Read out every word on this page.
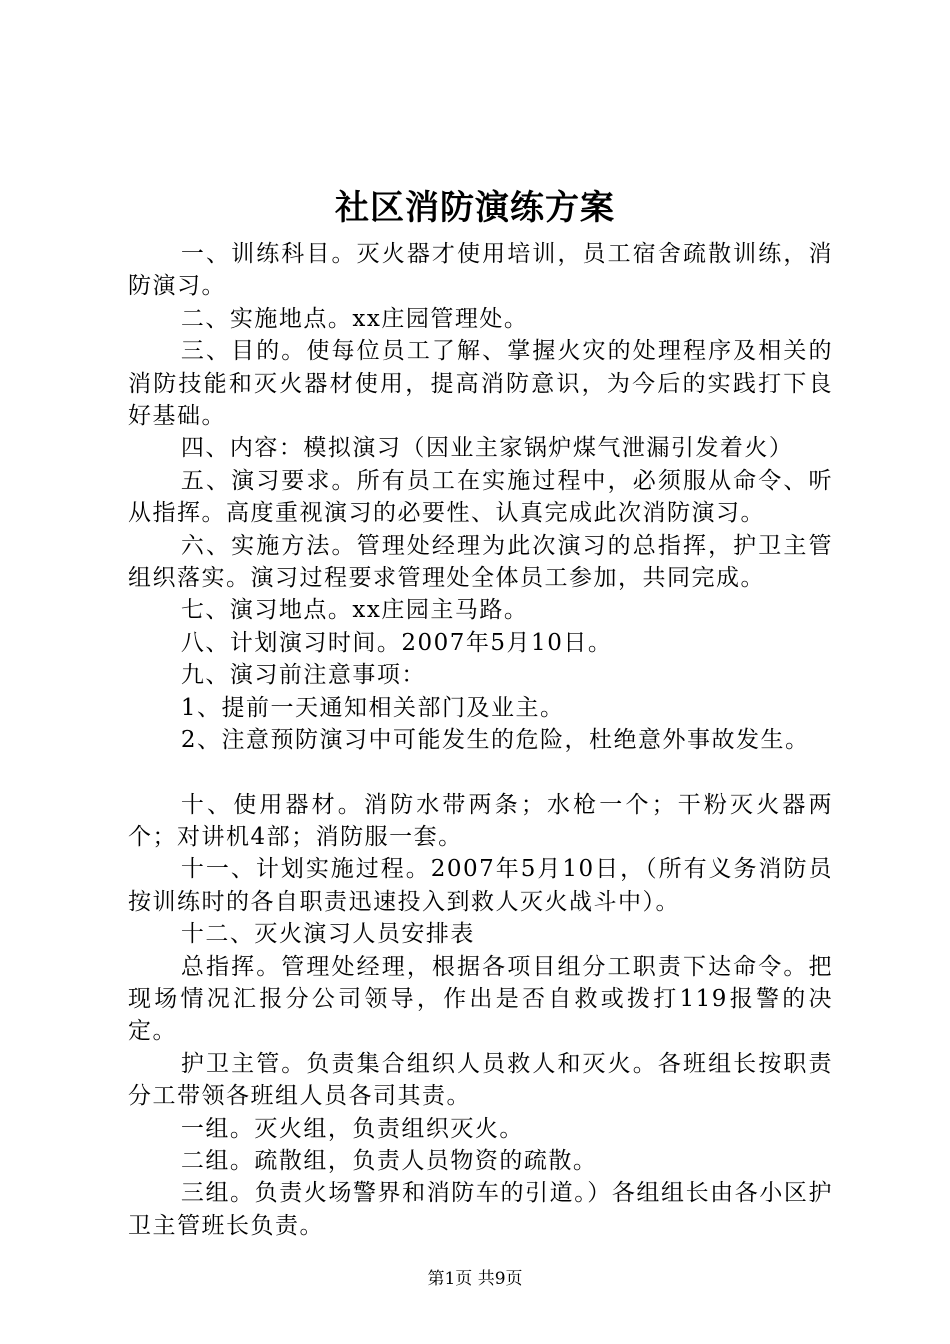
社区消防演练方案

一、训练科目。灭火器才使用培训，员工宿舍疏散训练，消防演习。

二、实施地点。xx庄园管理处。

三、目的。使每位员工了解、掌握火灾的处理程序及相关的消防技能和灭火器材使用，提高消防意识，为今后的实践打下良好基础。

四、内容：模拟演习（因业主家锅炉煤气泄漏引发着火）

五、演习要求。所有员工在实施过程中，必须服从命令、听从指挥。高度重视演习的必要性、认真完成此次消防演习。

六、实施方法。管理处经理为此次演习的总指挥，护卫主管组织落实。演习过程要求管理处全体员工参加，共同完成。

七、演习地点。xx庄园主马路。

八、计划演习时间。2007年5月10日。

九、演习前注意事项：

1、提前一天通知相关部门及业主。

2、注意预防演习中可能发生的危险，杜绝意外事故发生。

十、使用器材。消防水带两条；水枪一个；干粉灭火器两个；对讲机4部；消防服一套。

十一、计划实施过程。2007年5月10日，（所有义务消防员按训练时的各自职责迅速投入到救人灭火战斗中）。

十二、灭火演习人员安排表

总指挥。管理处经理，根据各项目组分工职责下达命令。把现场情况汇报分公司领导，作出是否自救或拨打119报警的决定。

护卫主管。负责集合组织人员救人和灭火。各班组长按职责分工带领各班组人员各司其责。

一组。灭火组，负责组织灭火。

二组。疏散组，负责人员物资的疏散。

三组。负责火场警界和消防车的引道。）各组组长由各小区护卫主管班长负责。

第1页 共9页
